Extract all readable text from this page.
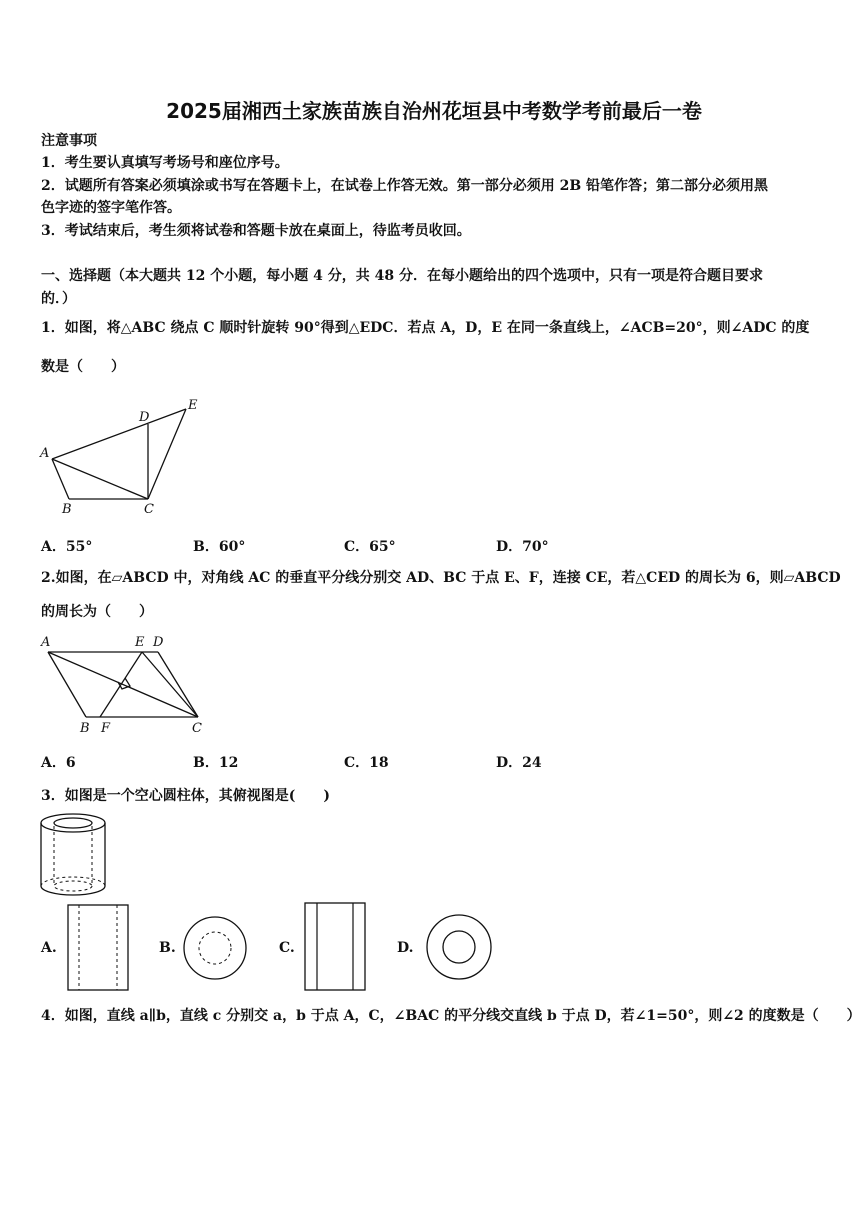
2025届湘西土家族苗族自治州花垣县中考数学考前最后一卷
注意事项
1．考生要认真填写考场号和座位序号。
2．试题所有答案必须填涂或书写在答题卡上，在试卷上作答无效。第一部分必须用 2B 铅笔作答；第二部分必须用黑
色字迹的签字笔作答。
3．考试结束后，考生须将试卷和答题卡放在桌面上，待监考员收回。
一、选择题（本大题共 12 个小题，每小题 4 分，共 48 分．在每小题给出的四个选项中，只有一项是符合题目要求
的．）
1．如图，将△ABC 绕点 C 顺时针旋转 90°得到△EDC．若点 A，D，E 在同一条直线上，∠ACB=20°，则∠ADC 的度
数是（　　）
A
B	C
D
E
A．55°	B．60°	C．65°	D．70°
2.如图，在▱ABCD 中，对角线 AC 的垂直平分线分别交 AD、BC 于点 E、F，连接 CE，若△CED 的周长为 6，则▱ABCD
的周长为（　　）
A	E D
B F	C
A．6	B．12	C．18	D．24
3．如图是一个空心圆柱体，其俯视图是(　　)
A.	B.	C.	D.
4．如图，直线 a∥b，直线 c 分别交 a，b 于点 A，C，∠BAC 的平分线交直线 b 于点 D，若∠1=50°，则∠2 的度数是（　　）
